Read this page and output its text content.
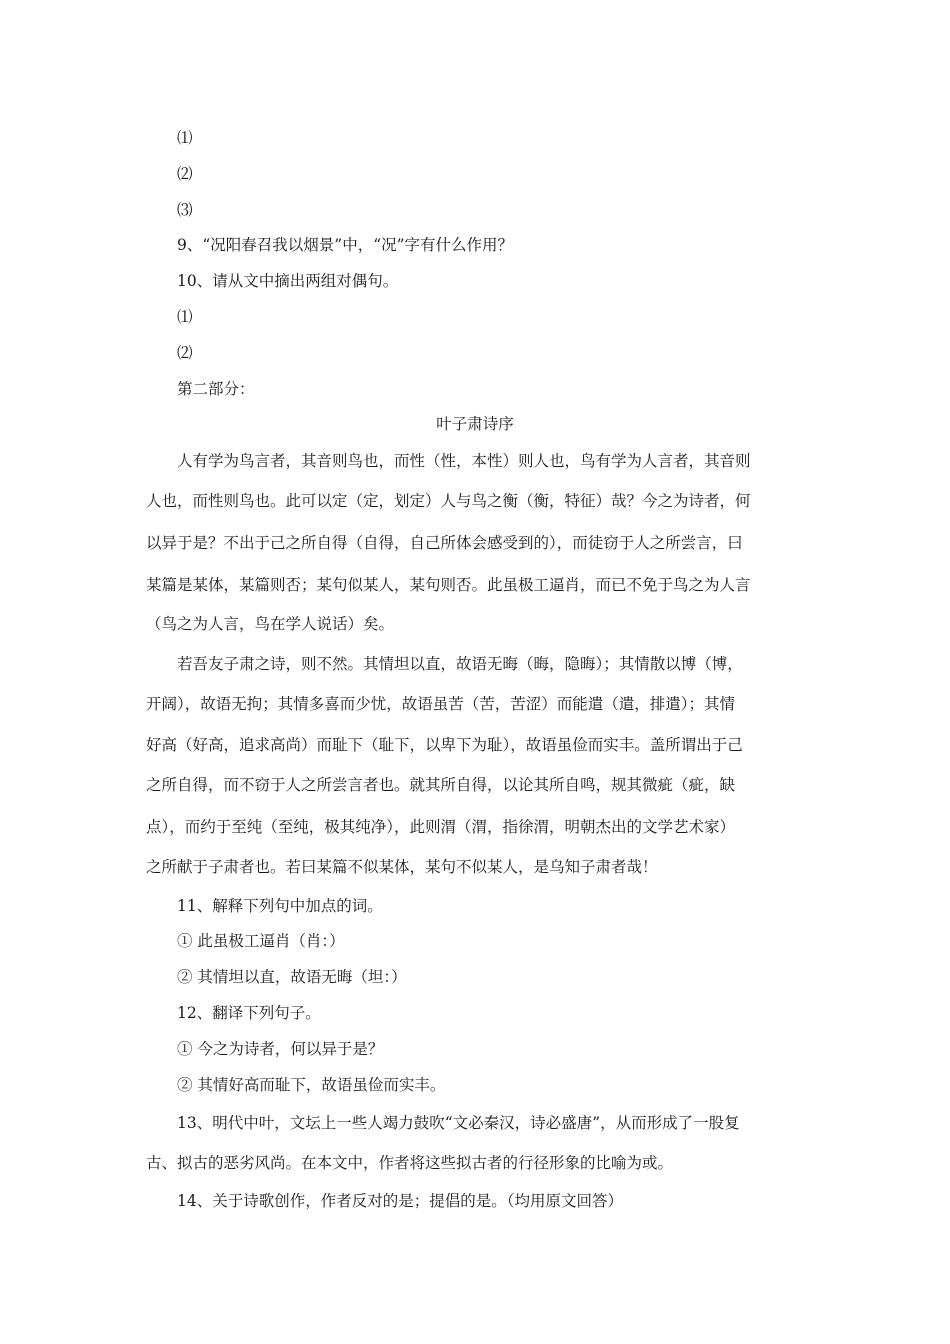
⑴
⑵
⑶
9、“况阳春召我以烟景”中，“况”字有什么作用？
10、请从文中摘出两组对偶句。
⑴
⑵
第二部分：
叶子肃诗序
人有学为鸟言者，其音则鸟也，而性（性，本性）则人也，鸟有学为人言者，其音则
人也，而性则鸟也。此可以定（定，划定）人与鸟之衡（衡，特征）哉？今之为诗者，何
以异于是？不出于己之所自得（自得，自己所体会感受到的），而徒窃于人之所尝言，曰
某篇是某体，某篇则否；某句似某人，某句则否。此虽极工逼肖，而已不免于鸟之为人言
（鸟之为人言，鸟在学人说话）矣。
若吾友子肃之诗，则不然。其情坦以直，故语无晦（晦，隐晦）；其情散以博（博，
开阔），故语无拘；其情多喜而少忧，故语虽苦（苦，苦涩）而能遣（遣，排遣）；其情
好高（好高，追求高尚）而耻下（耻下，以卑下为耻），故语虽俭而实丰。盖所谓出于己
之所自得，而不窃于人之所尝言者也。就其所自得，以论其所自鸣，规其微疵（疵，缺
点），而约于至纯（至纯，极其纯净），此则渭（渭，指徐渭，明朝杰出的文学艺术家）
之所献于子肃者也。若曰某篇不似某体，某句不似某人，是乌知子肃者哉！
11、解释下列句中加点的词。
① 此虽极工逼肖（肖：）
② 其情坦以直，故语无晦（坦：）
12、翻译下列句子。
① 今之为诗者，何以异于是？
② 其情好高而耻下，故语虽俭而实丰。
13、明代中叶，文坛上一些人竭力鼓吹“文必秦汉，诗必盛唐”，从而形成了一股复
古、拟古的恶劣风尚。在本文中，作者将这些拟古者的行径形象的比喻为或。
14、关于诗歌创作，作者反对的是；提倡的是。（均用原文回答）
